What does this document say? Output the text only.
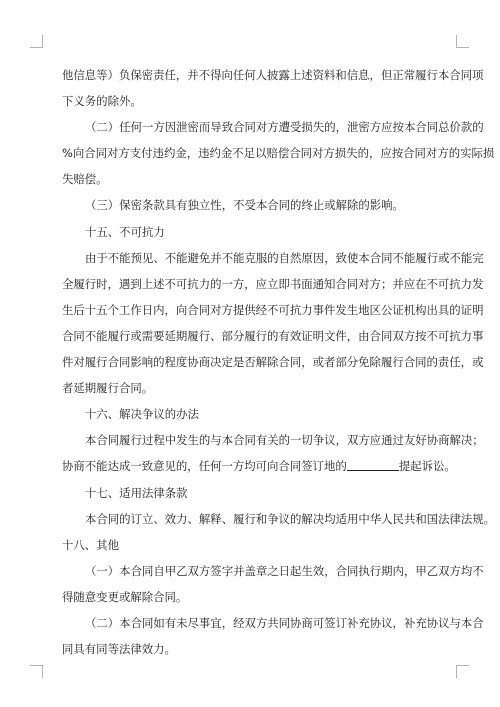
他信息等）负保密责任，并不得向任何人披露上述资料和信息，但正常履行本合同项
下义务的除外。
（二）任何一方因泄密而导致合同对方遭受损失的，泄密方应按本合同总价款的
%向合同对方支付违约金，违约金不足以赔偿合同对方损失的，应按合同对方的实际损
失赔偿。
（三）保密条款具有独立性，不受本合同的终止或解除的影响。
十五、不可抗力
由于不能预见、不能避免并不能克服的自然原因，致使本合同不能履行或不能完
全履行时，遇到上述不可抗力的一方，应立即书面通知合同对方；并应在不可抗力发
生后十五个工作日内，向合同对方提供经不可抗力事件发生地区公证机构出具的证明
合同不能履行或需要延期履行、部分履行的有效证明文件，由合同双方按不可抗力事
件对履行合同影响的程度协商决定是否解除合同，或者部分免除履行合同的责任，或
者延期履行合同。
十六、解决争议的办法
本合同履行过程中发生的与本合同有关的一切争议，双方应通过友好协商解决；
协商不能达成一致意见的，任何一方均可向合同签订地的	提起诉讼。
十七、适用法律条款
本合同的订立、效力、解释、履行和争议的解决均适用中华人民共和国法律法规。
十八、其他
（一）本合同自甲乙双方签字并盖章之日起生效，合同执行期内，甲乙双方均不
得随意变更或解除合同。
（二）本合同如有未尽事宜，经双方共同协商可签订补充协议，补充协议与本合
同具有同等法律效力。
